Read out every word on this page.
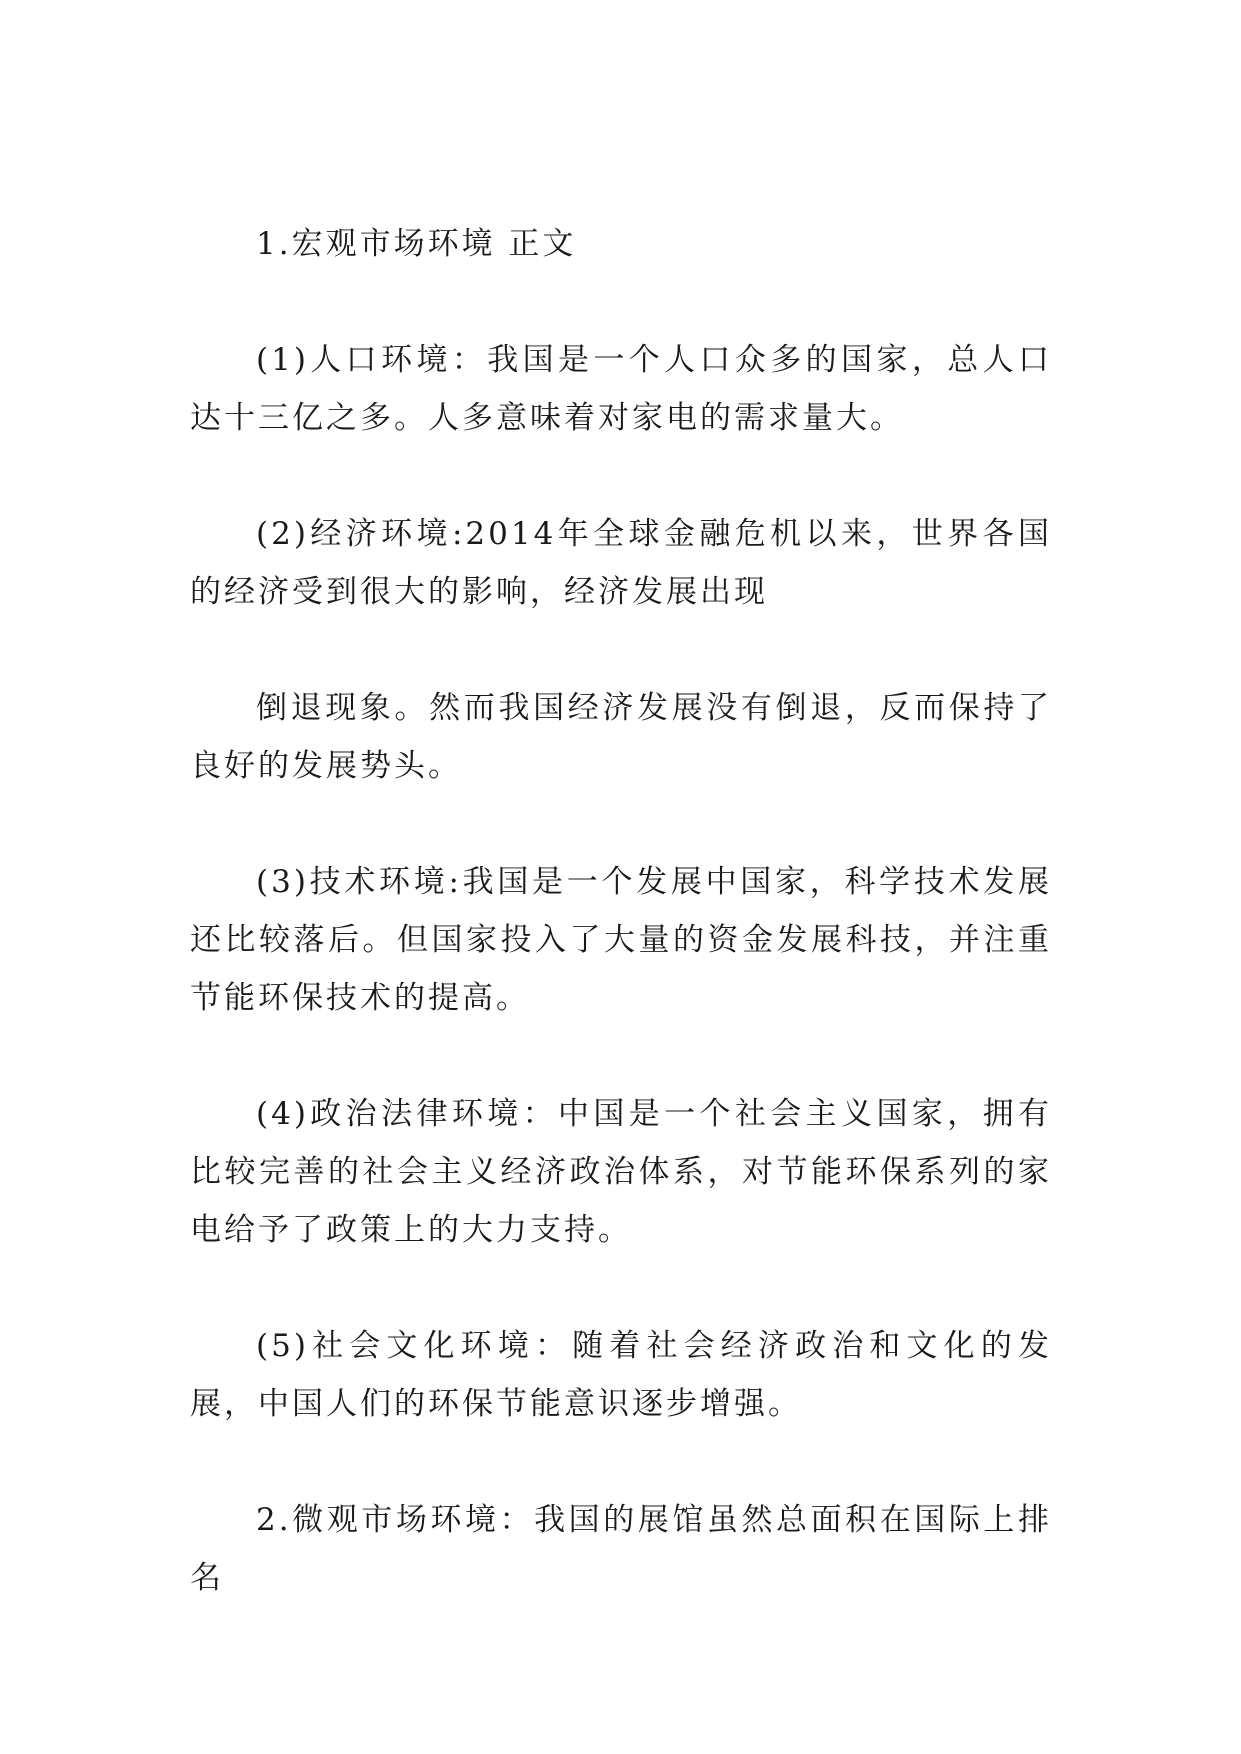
1.宏观市场环境 正文

(1)人口环境：我国是一个人口众多的国家，总人口达十三亿之多。人多意味着对家电的需求量大。

(2)经济环境:2014年全球金融危机以来，世界各国的经济受到很大的影响，经济发展出现

倒退现象。然而我国经济发展没有倒退，反而保持了良好的发展势头。

(3)技术环境:我国是一个发展中国家，科学技术发展还比较落后。但国家投入了大量的资金发展科技，并注重节能环保技术的提高。

(4)政治法律环境：中国是一个社会主义国家，拥有比较完善的社会主义经济政治体系，对节能环保系列的家电给予了政策上的大力支持。

(5)社会文化环境：随着社会经济政治和文化的发展，中国人们的环保节能意识逐步增强。

2.微观市场环境：我国的展馆虽然总面积在国际上排名
